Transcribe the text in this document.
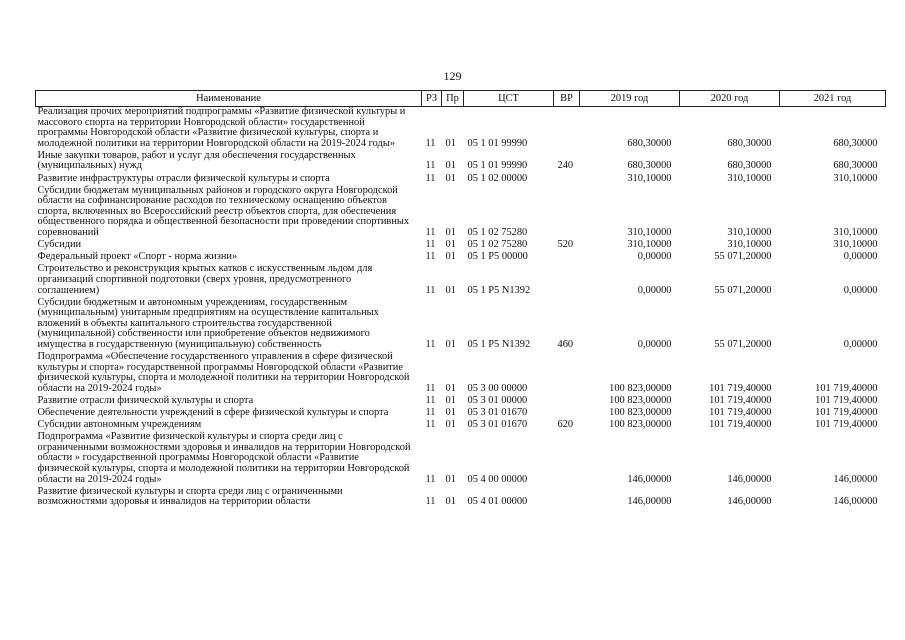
129
Наименование	РЗ	Пр	ЦСТ	ВР	2019 год	2020 год	2021 год
Реализация прочих мероприятий подпрограммы «Развитие физической культуры и массового спорта на территории Новгородской области» государственной программы Новгородской области «Развитие физической культуры, спорта и молодежной политики на территории Новгородской области на 2019-2024 годы»	11	01	05 1 01 99990		680,30000	680,30000	680,30000
Иные закупки товаров, работ и услуг для обеспечения государственных (муниципальных) нужд	11	01	05 1 01 99990	240	680,30000	680,30000	680,30000
Развитие инфраструктуры отрасли физической культуры и спорта	11	01	05 1 02 00000		310,10000	310,10000	310,10000
Субсидии бюджетам муниципальных районов и городского округа Новгородской области на софинансирование расходов по техническому оснащению объектов спорта, включенных во Всероссийский реестр объектов спорта, для обеспечения общественного порядка и общественной безопасности при проведении спортивных соревнований	11	01	05 1 02 75280		310,10000	310,10000	310,10000
Субсидии	11	01	05 1 02 75280	520	310,10000	310,10000	310,10000
Федеральный проект «Спорт - норма жизни»	11	01	05 1 P5 00000		0,00000	55 071,20000	0,00000
Строительство и реконструкция крытых катков с искусственным льдом для организаций спортивной подготовки (сверх уровня, предусмотренного соглашением)	11	01	05 1 P5 N1392		0,00000	55 071,20000	0,00000
Субсидии бюджетным и автономным учреждениям, государственным (муниципальным) унитарным предприятиям на осуществление капитальных вложений в объекты капитального строительства государственной (муниципальной) собственности или приобретение объектов недвижимого имущества в государственную (муниципальную) собственность	11	01	05 1 P5 N1392	460	0,00000	55 071,20000	0,00000
Подпрограмма «Обеспечение государственного управления в сфере физической культуры и спорта» государственной программы Новгородской области «Развитие физической культуры, спорта и молодежной политики на территории Новгородской области на 2019-2024 годы»	11	01	05 3 00 00000		100 823,00000	101 719,40000	101 719,40000
Развитие отрасли физической культуры и спорта	11	01	05 3 01 00000		100 823,00000	101 719,40000	101 719,40000
Обеспечение деятельности учреждений в сфере физической культуры и спорта	11	01	05 3 01 01670		100 823,00000	101 719,40000	101 719,40000
Субсидии автономным учреждениям	11	01	05 3 01 01670	620	100 823,00000	101 719,40000	101 719,40000
Подпрограмма «Развитие физической культуры и спорта среди лиц с ограниченными возможностями здоровья и инвалидов на территории Новгородской области » государственной программы Новгородской области «Развитие физической культуры, спорта и молодежной политики на территории Новгородской области на 2019-2024 годы»	11	01	05 4 00 00000		146,00000	146,00000	146,00000
Развитие физической культуры и спорта среди лиц с ограниченными возможностями здоровья и инвалидов на территории области	11	01	05 4 01 00000		146,00000	146,00000	146,00000
